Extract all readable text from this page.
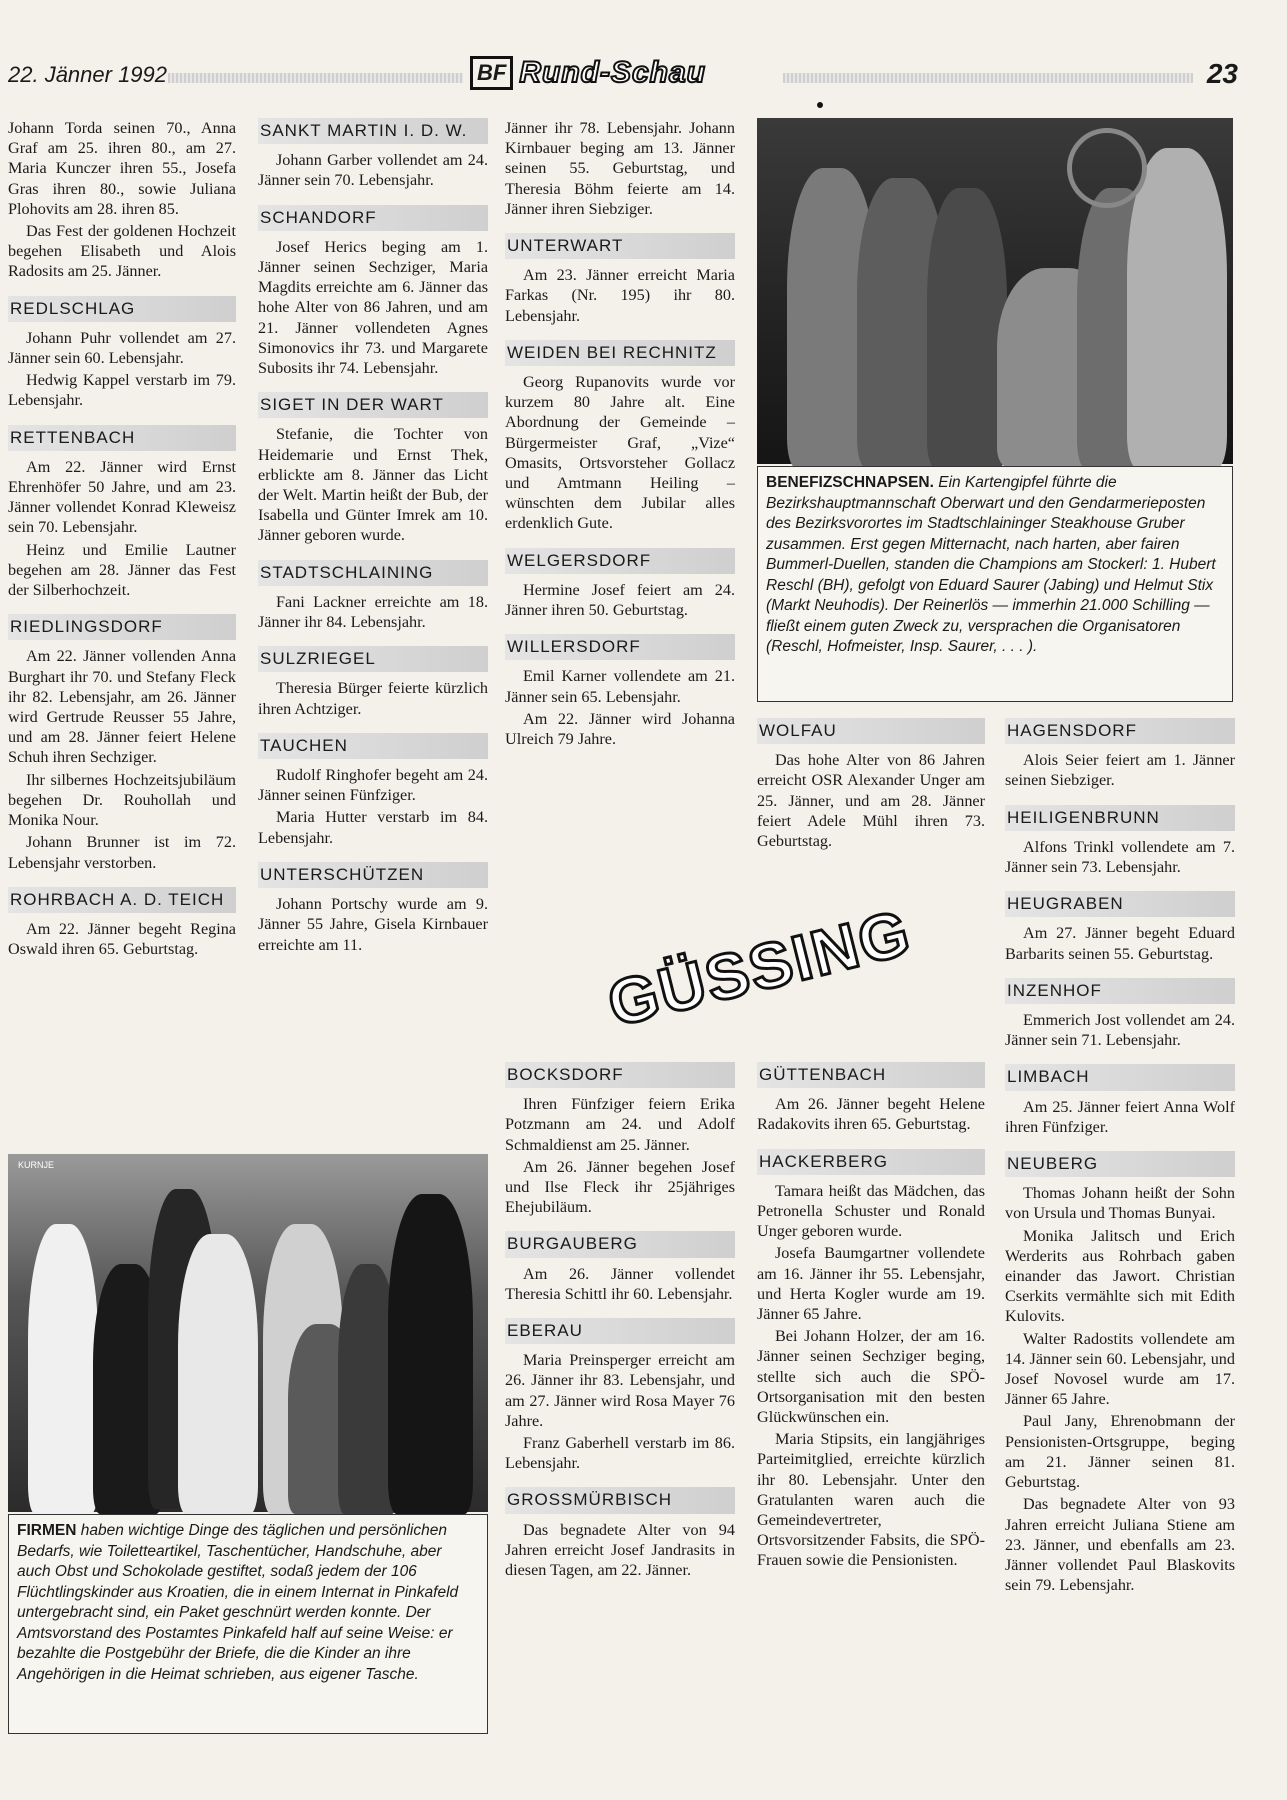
22. Jänner 1992	BF Rund-Schau	23

Johann Torda seinen 70., Anna Graf am 25. ihren 80., am 27. Maria Kunczer ihren 55., Josefa Gras ihren 80., sowie Juliana Plohovits am 28. ihren 85.

Das Fest der goldenen Hochzeit begehen Elisabeth und Alois Radosits am 25. Jänner.

REDLSCHLAG

Johann Puhr vollendet am 27. Jänner sein 60. Lebensjahr.

Hedwig Kappel verstarb im 79. Lebensjahr.

RETTENBACH

Am 22. Jänner wird Ernst Ehrenhöfer 50 Jahre, und am 23. Jänner vollendet Konrad Kleweisz sein 70. Lebensjahr.

Heinz und Emilie Lautner begehen am 28. Jänner das Fest der Silberhochzeit.

RIEDLINGSDORF

Am 22. Jänner vollenden Anna Burghart ihr 70. und Stefany Fleck ihr 82. Lebensjahr, am 26. Jänner wird Gertrude Reusser 55 Jahre, und am 28. Jänner feiert Helene Schuh ihren Sechziger.

Ihr silbernes Hochzeitsjubiläum begehen Dr. Rouhollah und Monika Nour.

Johann Brunner ist im 72. Lebensjahr verstorben.

ROHRBACH A. D. TEICH

Am 22. Jänner begeht Regina Oswald ihren 65. Geburtstag.

SANKT MARTIN I. D. W.

Johann Garber vollendet am 24. Jänner sein 70. Lebensjahr.

SCHANDORF

Josef Herics beging am 1. Jänner seinen Sechziger, Maria Magdits erreichte am 6. Jänner das hohe Alter von 86 Jahren, und am 21. Jänner vollendeten Agnes Simonovics ihr 73. und Margarete Subosits ihr 74. Lebensjahr.

SIGET IN DER WART

Stefanie, die Tochter von Heidemarie und Ernst Thek, erblickte am 8. Jänner das Licht der Welt. Martin heißt der Bub, der Isabella und Günter Imrek am 10. Jänner geboren wurde.

STADTSCHLAINING

Fani Lackner erreichte am 18. Jänner ihr 84. Lebensjahr.

SULZRIEGEL

Theresia Bürger feierte kürzlich ihren Achtziger.

TAUCHEN

Rudolf Ringhofer begeht am 24. Jänner seinen Fünfziger.

Maria Hutter verstarb im 84. Lebensjahr.

UNTERSCHÜTZEN

Johann Portschy wurde am 9. Jänner 55 Jahre, Gisela Kirnbauer erreichte am 11.

Jänner ihr 78. Lebensjahr. Johann Kirnbauer beging am 13. Jänner seinen 55. Geburtstag, und Theresia Böhm feierte am 14. Jänner ihren Siebziger.

UNTERWART

Am 23. Jänner erreicht Maria Farkas (Nr. 195) ihr 80. Lebensjahr.

WEIDEN BEI RECHNITZ

Georg Rupanovits wurde vor kurzem 80 Jahre alt. Eine Abordnung der Gemeinde – Bürgermeister Graf, „Vize“ Omasits, Ortsvorsteher Gollacz und Amtmann Heiling – wünschten dem Jubilar alles erdenklich Gute.

WELGERSDORF

Hermine Josef feiert am 24. Jänner ihren 50. Geburtstag.

WILLERSDORF

Emil Karner vollendete am 21. Jänner sein 65. Lebensjahr.

Am 22. Jänner wird Johanna Ulreich 79 Jahre.	WOLFAU

Das hohe Alter von 86 Jahren erreicht OSR Alexander Unger am 25. Jänner, und am 28. Jänner feiert Adele Mühl ihren 73. Geburtstag.

HAGENSDORF

Alois Seier feiert am 1. Jänner seinen Siebziger.

HEILIGENBRUNN

Alfons Trinkl vollendete am 7. Jänner sein 73. Lebensjahr.

HEUGRABEN

Am 27. Jänner begeht Eduard Barbarits seinen 55. Geburtstag.

INZENHOF

Emmerich Jost vollendet am 24. Jänner sein 71. Lebensjahr.

LIMBACH

Am 25. Jänner feiert Anna Wolf ihren Fünfziger.

NEUBERG

Thomas Johann heißt der Sohn von Ursula und Thomas Bunyai.

Monika Jalitsch und Erich Werderits aus Rohrbach gaben einander das Jawort. Christian Cserkits vermählte sich mit Edith Kulovits.

Walter Radostits vollendete am 14. Jänner sein 60. Lebensjahr, und Josef Novosel wurde am 17. Jänner 65 Jahre.

Paul Jany, Ehrenobmann der Pensionisten-Ortsgruppe, beging am 21. Jänner seinen 81. Geburtstag.

Das begnadete Alter von 93 Jahren erreicht Juliana Stiene am 23. Jänner, und ebenfalls am 23. Jänner vollendet Paul Blaskovits sein 79. Lebensjahr.

BOCKSDORF

Ihren Fünfziger feiern Erika Potzmann am 24. und Adolf Schmaldienst am 25. Jänner.

Am 26. Jänner begehen Josef und Ilse Fleck ihr 25jähriges Ehejubiläum.

BURGAUBERG

Am 26. Jänner vollendet Theresia Schittl ihr 60. Lebensjahr.

EBERAU

Maria Preinsperger erreicht am 26. Jänner ihr 83. Lebensjahr, und am 27. Jänner wird Rosa Mayer 76 Jahre.

Franz Gaberhell verstarb im 86. Lebensjahr.

GROSSMÜRBISCH

Das begnadete Alter von 94 Jahren erreicht Josef Jandrasits in diesen Tagen, am 22. Jänner.

GÜTTENBACH

Am 26. Jänner begeht Helene Radakovits ihren 65. Geburtstag.

HACKERBERG

Tamara heißt das Mädchen, das Petronella Schuster und Ronald Unger geboren wurde.

Josefa Baumgartner vollendete am 16. Jänner ihr 55. Lebensjahr, und Herta Kogler wurde am 19. Jänner 65 Jahre.

Bei Johann Holzer, der am 16. Jänner seinen Sechziger beging, stellte sich auch die SPÖ-Ortsorganisation mit den besten Glückwünschen ein.

Maria Stipsits, ein langjähriges Parteimitglied, erreichte kürzlich ihr 80. Lebensjahr. Unter den Gratulanten waren auch die Gemeindevertreter, Ortsvorsitzender Fabsits, die SPÖ-Frauen sowie die Pensionisten.

BENEFIZSCHNAPSEN. Ein Kartengipfel führte die Bezirkshauptmannschaft Oberwart und den Gendarmerieposten des Bezirksvorortes im Stadtschlaininger Steakhouse Gruber zusammen. Erst gegen Mitternacht, nach harten, aber fairen Bummerl-Duellen, standen die Champions am Stockerl: 1. Hubert Reschl (BH), gefolgt von Eduard Saurer (Jabing) und Helmut Stix (Markt Neuhodis). Der Reinerlös — immerhin 21.000 Schilling — fließt einem guten Zweck zu, versprachen die Organisatoren (Reschl, Hofmeister, Insp. Saurer, . . . ).
KURNJE
FIRMEN haben wichtige Dinge des täglichen und persönlichen Bedarfs, wie Toiletteartikel, Taschentücher, Handschuhe, aber auch Obst und Schokolade gestiftet, sodaß jedem der 106 Flüchtlingskinder aus Kroatien, die in einem Internat in Pinkafeld untergebracht sind, ein Paket geschnürt werden konnte. Der Amtsvorstand des Postamtes Pinkafeld half auf seine Weise: er bezahlte die Postgebühr der Briefe, die die Kinder an ihre Angehörigen in die Heimat schrieben, aus eigener Tasche.
GÜSSING
